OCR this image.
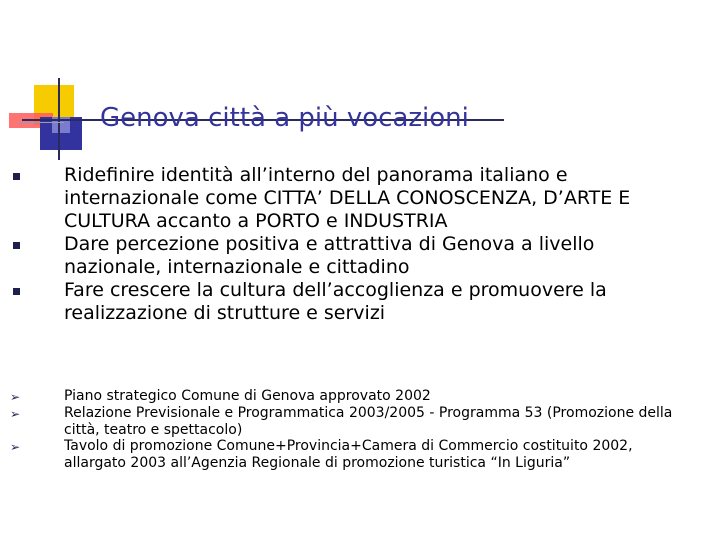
Genova città a più vocazioni
Ridefinire identità all’interno del panorama italiano e internazionale come CITTA’ DELLA CONOSCENZA, D’ARTE E CULTURA accanto a PORTO e INDUSTRIA
Dare percezione positiva e attrattiva di Genova a livello nazionale, internazionale e cittadino
Fare crescere la cultura dell’accoglienza e promuovere la realizzazione di strutture e servizi
➢	Piano strategico Comune di Genova approvato 2002
➢	Relazione Previsionale e Programmatica 2003/2005 - Programma 53 (Promozione della città, teatro e spettacolo)
➢	Tavolo di promozione Comune+Provincia+Camera di Commercio costituito 2002, allargato 2003 all’Agenzia Regionale di promozione turistica “In Liguria”
